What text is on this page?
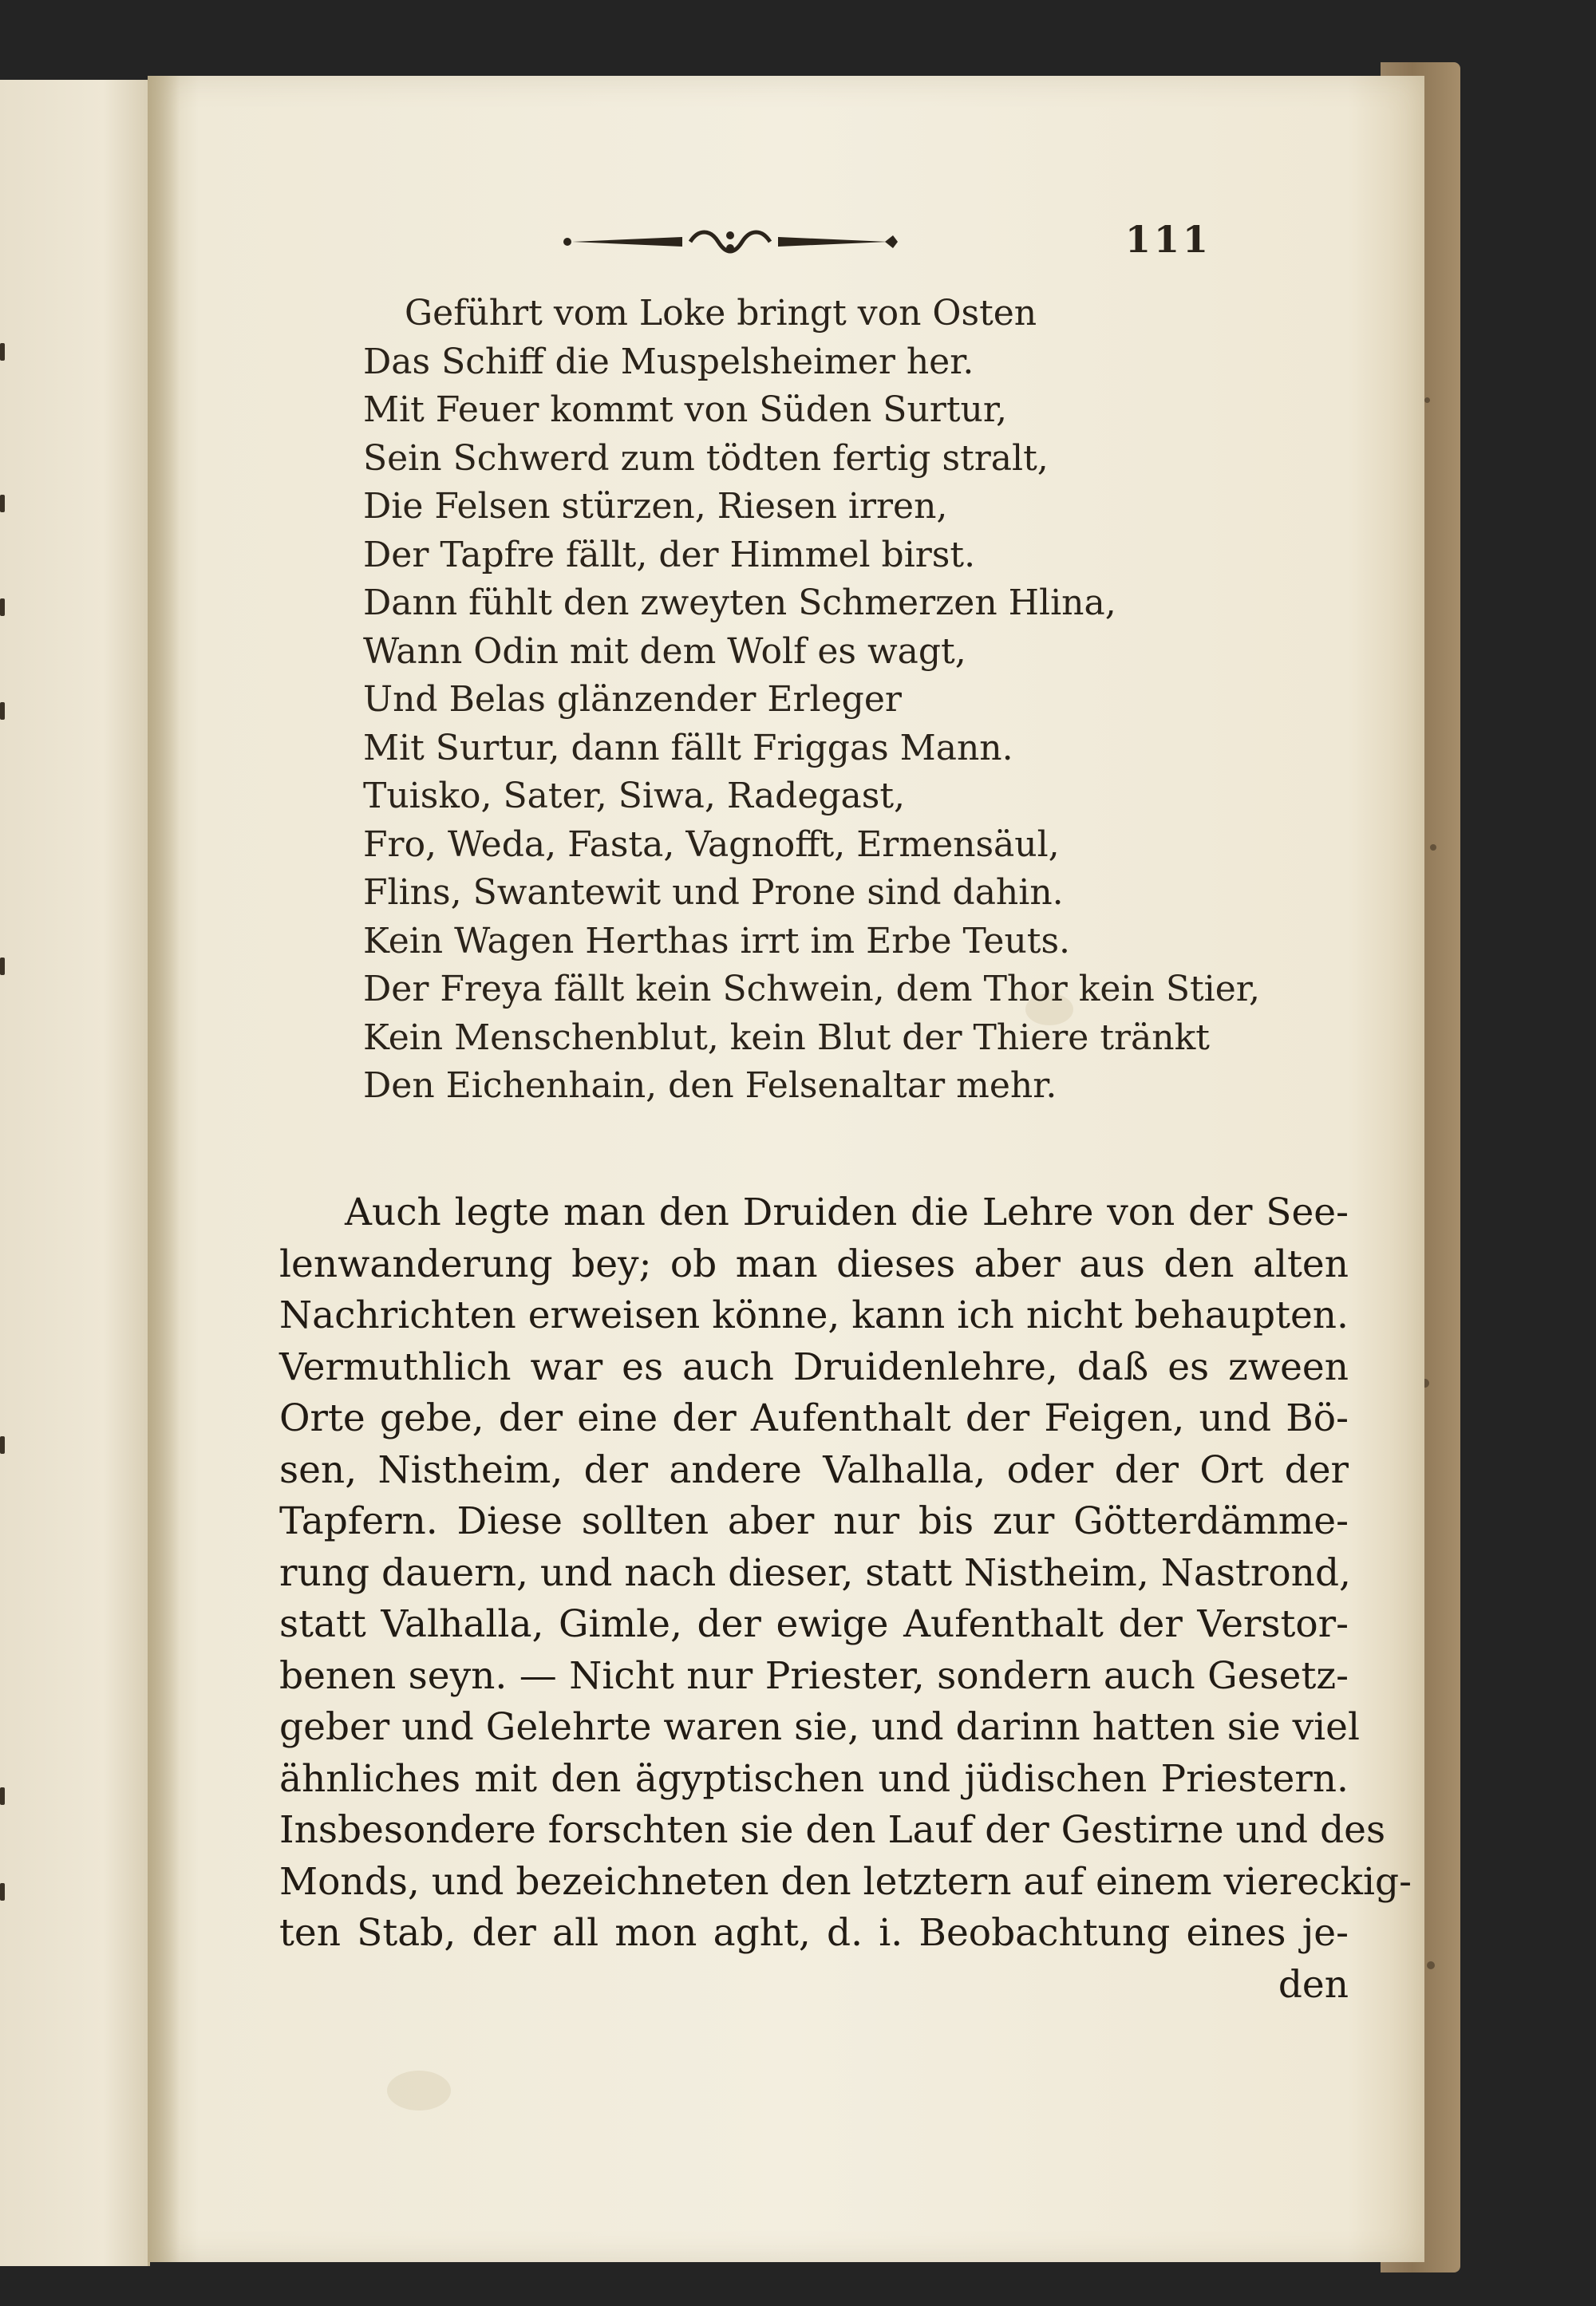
111
Geführt vom Loke bringt von Osten
Das Schiff die Muspelsheimer her.
Mit Feuer kommt von Süden Surtur,
Sein Schwerd zum tödten fertig stralt,
Die Felsen stürzen, Riesen irren,
Der Tapfre fällt, der Himmel birst.
Dann fühlt den zweyten Schmerzen Hlina,
Wann Odin mit dem Wolf es wagt,
Und Belas glänzender Erleger
Mit Surtur, dann fällt Friggas Mann.
Tuisko, Sater, Siwa, Radegast,
Fro, Weda, Fasta, Vagnofft, Ermensäul,
Flins, Swantewit und Prone sind dahin.
Kein Wagen Herthas irrt im Erbe Teuts.
Der Freya fällt kein Schwein, dem Thor kein Stier,
Kein Menschenblut, kein Blut der Thiere tränkt
Den Eichenhain, den Felsenaltar mehr.
Auch legte man den Druiden die Lehre von der See-
lenwanderung bey; ob man dieses aber aus den alten
Nachrichten erweisen könne, kann ich nicht behaupten.
Vermuthlich war es auch Druidenlehre, daß es zween
Orte gebe, der eine der Aufenthalt der Feigen, und Bö-
sen, Nistheim, der andere Valhalla, oder der Ort der
Tapfern. Diese sollten aber nur bis zur Götterdämme-
rung dauern, und nach dieser, statt Nistheim, Nastrond,
statt Valhalla, Gimle, der ewige Aufenthalt der Verstor-
benen seyn. — Nicht nur Priester, sondern auch Gesetz-
geber und Gelehrte waren sie, und darinn hatten sie viel
ähnliches mit den ägyptischen und jüdischen Priestern.
Insbesondere forschten sie den Lauf der Gestirne und des
Monds, und bezeichneten den letztern auf einem viereckig-
ten Stab, der all mon aght, d. i. Beobachtung eines je-
den
